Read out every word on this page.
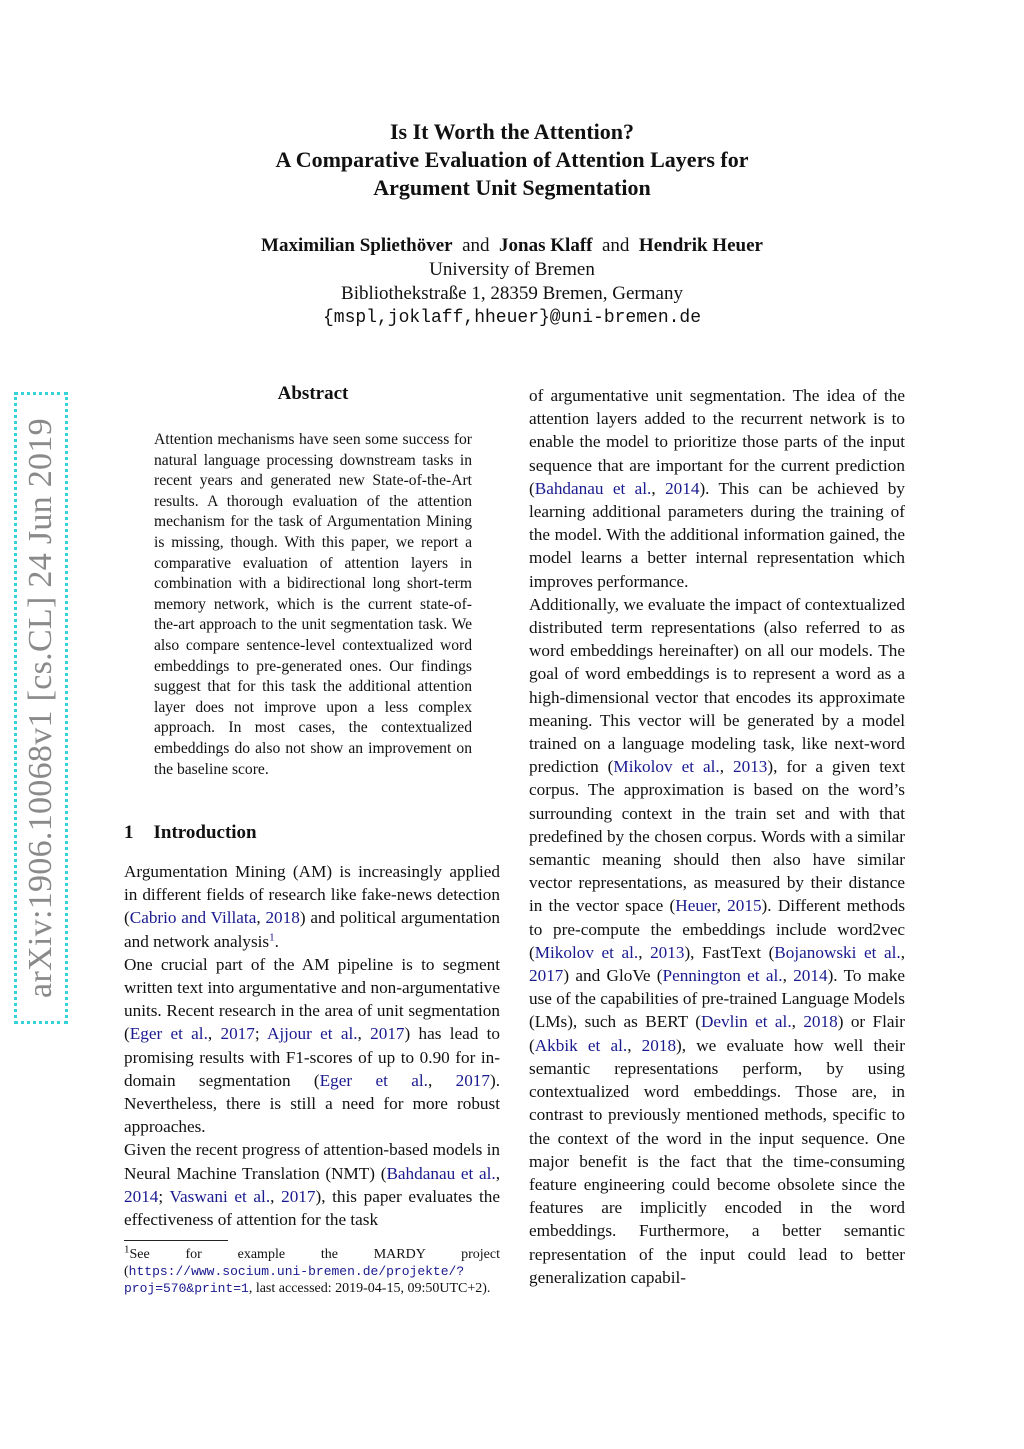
Is It Worth the Attention?
A Comparative Evaluation of Attention Layers for
Argument Unit Segmentation
Maximilian Spliethöver and Jonas Klaff and Hendrik Heuer
University of Bremen
Bibliothekstraße 1, 28359 Bremen, Germany
{mspl,joklaff,hheuer}@uni-bremen.de
arXiv:1906.10068v1 [cs.CL] 24 Jun 2019
Abstract
Attention mechanisms have seen some success for natural language processing downstream tasks in recent years and generated new State-of-the-Art results. A thorough evaluation of the attention mechanism for the task of Argumentation Mining is missing, though. With this paper, we report a comparative evaluation of attention layers in combination with a bidirectional long short-term memory network, which is the current state-of-the-art approach to the unit segmentation task. We also compare sentence-level contextualized word embeddings to pre-generated ones. Our findings suggest that for this task the additional attention layer does not improve upon a less complex approach. In most cases, the contextualized embeddings do also not show an improvement on the baseline score.
1 Introduction

Argumentation Mining (AM) is increasingly applied in different fields of research like fake-news detection (Cabrio and Villata, 2018) and political argumentation and network analysis$^1$.

One crucial part of the AM pipeline is to segment written text into argumentative and non-argumentative units. Recent research in the area of unit segmentation (Eger et al., 2017; Ajjour et al., 2017) has lead to promising results with F1-scores of up to 0.90 for in-domain segmentation (Eger et al., 2017). Nevertheless, there is still a need for more robust approaches.

Given the recent progress of attention-based models in Neural Machine Translation (NMT) (Bahdanau et al., 2014; Vaswani et al., 2017), this paper evaluates the effectiveness of attention for the task

$^1$See for example the MARDY project (https://www.socium.uni-bremen.de/projekte/?proj=570&print=1, last accessed: 2019-04-15, 09:50UTC+2).

of argumentative unit segmentation. The idea of the attention layers added to the recurrent network is to enable the model to prioritize those parts of the input sequence that are important for the current prediction (Bahdanau et al., 2014). This can be achieved by learning additional parameters during the training of the model. With the additional information gained, the model learns a better internal representation which improves performance.

Additionally, we evaluate the impact of contextualized distributed term representations (also referred to as word embeddings hereinafter) on all our models. The goal of word embeddings is to represent a word as a high-dimensional vector that encodes its approximate meaning. This vector will be generated by a model trained on a language modeling task, like next-word prediction (Mikolov et al., 2013), for a given text corpus. The approximation is based on the word’s surrounding context in the train set and with that predefined by the chosen corpus. Words with a similar semantic meaning should then also have similar vector representations, as measured by their distance in the vector space (Heuer, 2015). Different methods to pre-compute the embeddings include word2vec (Mikolov et al., 2013), FastText (Bojanowski et al., 2017) and GloVe (Pennington et al., 2014). To make use of the capabilities of pre-trained Language Models (LMs), such as BERT (Devlin et al., 2018) or Flair (Akbik et al., 2018), we evaluate how well their semantic representations perform, by using contextualized word embeddings. Those are, in contrast to previously mentioned methods, specific to the context of the word in the input sequence. One major benefit is the fact that the time-consuming feature engineering could become obsolete since the features are implicitly encoded in the word embeddings. Furthermore, a better semantic representation of the input could lead to better generalization capabil-
